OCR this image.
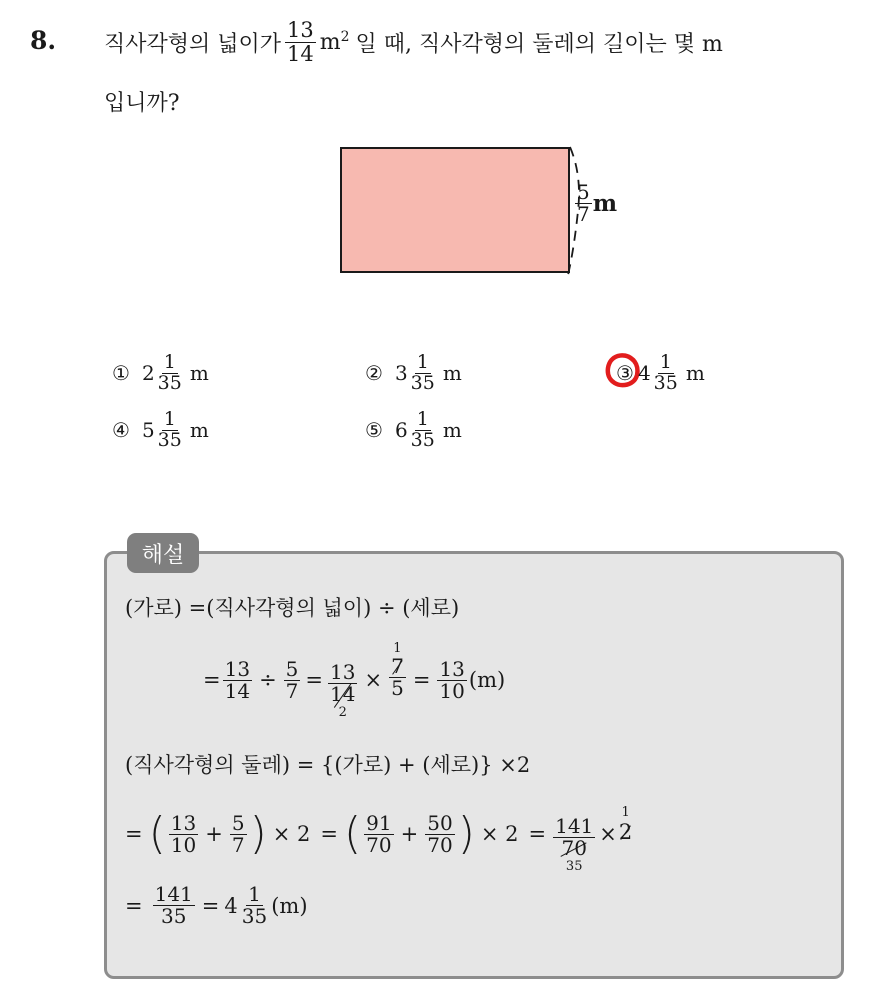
8. 직사각형의 넓이가 $\frac{13}{14} m^2$ 일 때, 직사각형의 둘레의 길이는 몇 m
입니까?
$\frac{5}{7}$ m
① $2 \frac{1}{35}$ m	② $3 \frac{1}{35}$ m	③ $4 \frac{1}{35}$ m
④ $5 \frac{1}{35}$ m	⑤ $6 \frac{1}{35}$ m
해설
(가로) =(직사각형의 넓이) ÷ (세로)
= $\frac{13}{14} \div \frac{5}{7} = \frac{13}{14}$
2
×
1
$\frac{7}{5} = \frac{13}{10} (m)$
(직사각형의 둘레) = {(가로) + (세로)} ×2
= ( $\frac{13}{10} + \frac{5}{7}$ ) × 2 = ( $\frac{91}{70} + \frac{50}{70}$ ) × $2 = \frac{141}{70}$
35
×
1
2
= $\frac{141}{35} = 4 \frac{1}{35} (m)$
